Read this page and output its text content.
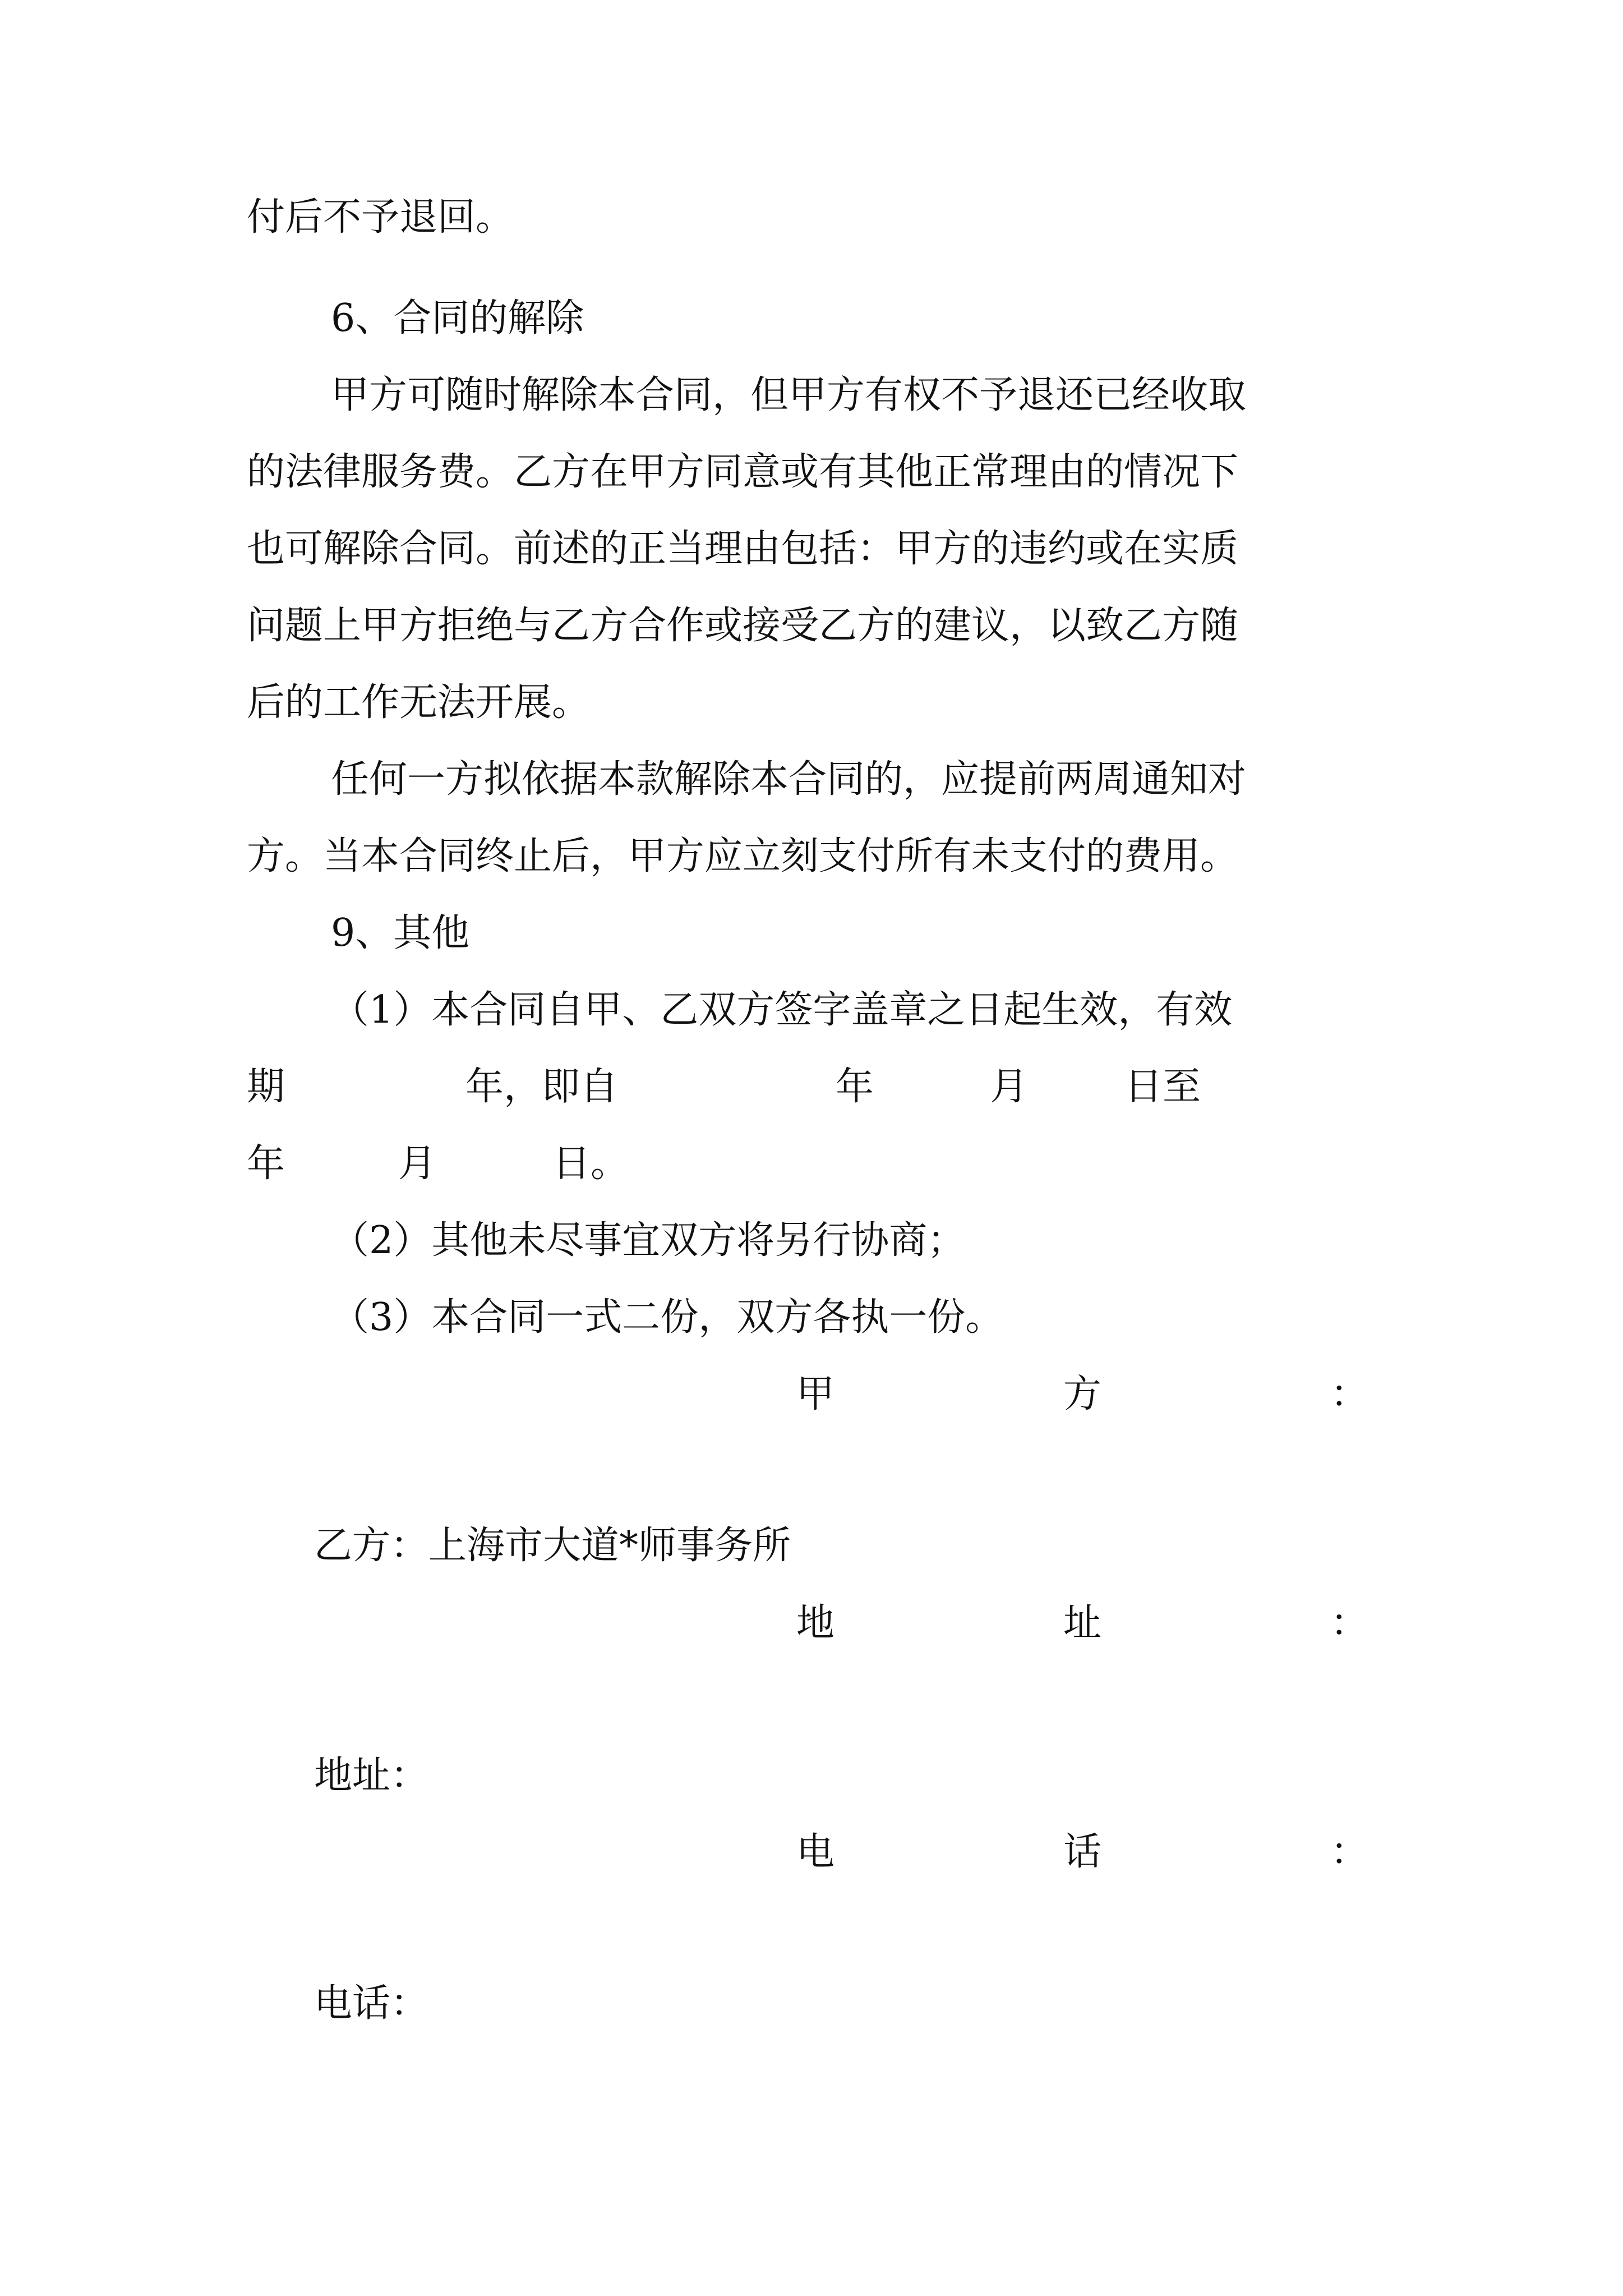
付后不予退回。
6、合同的解除
甲方可随时解除本合同，但甲方有权不予退还已经收取
的法律服务费。乙方在甲方同意或有其他正常理由的情况下
也可解除合同。前述的正当理由包括：甲方的违约或在实质
问题上甲方拒绝与乙方合作或接受乙方的建议，以致乙方随
后的工作无法开展。
任何一方拟依据本款解除本合同的，应提前两周通知对
方。当本合同终止后，甲方应立刻支付所有未支付的费用。
9、其他
（1）本合同自甲、乙双方签字盖章之日起生效，有效
期	年，即自	年	月	日至
年	月	日。
（2）其他未尽事宜双方将另行协商；
（3）本合同一式二份，双方各执一份。
甲	方	：
乙方：上海市大道*师事务所
地	址	：
地址：
电	话	：
电话：
